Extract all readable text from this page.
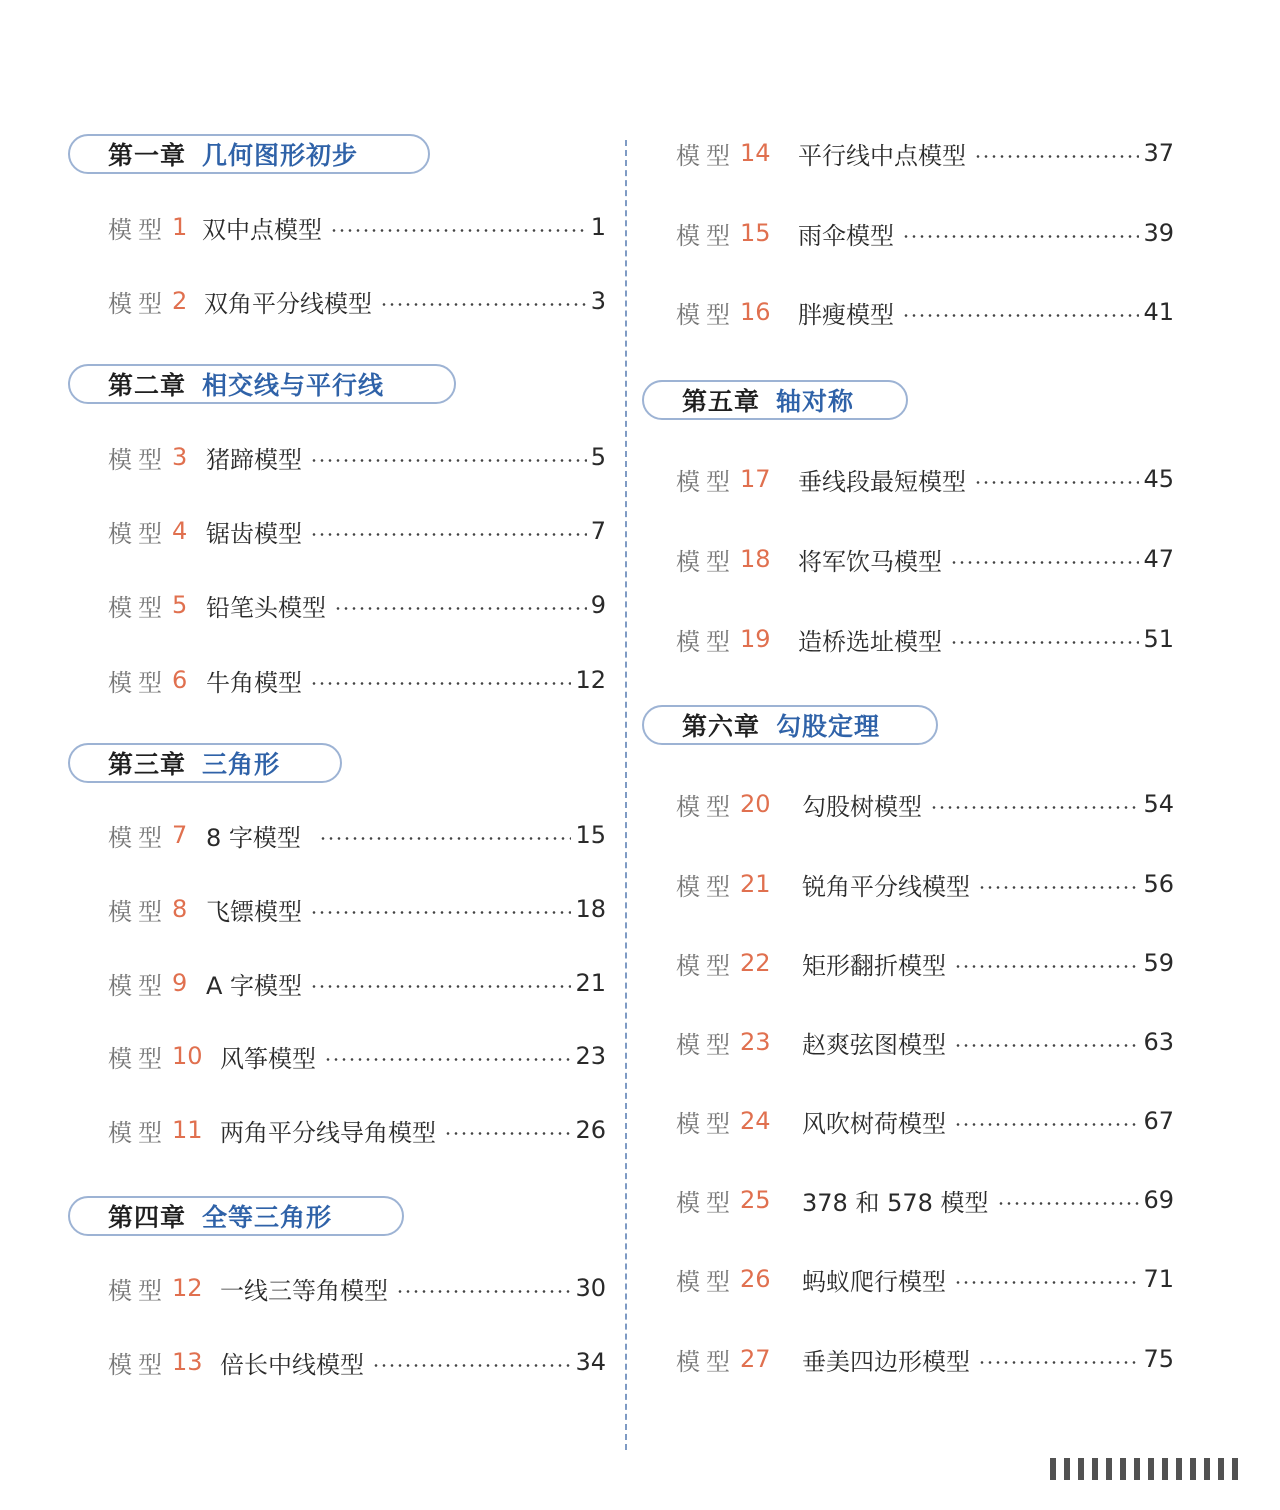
第一章 几何图形初步
模型 1 双中点模型	1
模型 2 双角平分线模型	3
第二章 相交线与平行线
模型 3 猪蹄模型	5
模型 4 锯齿模型	7
模型 5 铅笔头模型	9
模型 6 牛角模型	12
第三章 三角形
模型 7 8 字模型	15
模型 8 飞镖模型	18
模型 9 A 字模型	21
模型 10 风筝模型	23
模型 11 两角平分线导角模型	26
第四章 全等三角形
模型 12 一线三等角模型	30
模型 13 倍长中线模型	34
模型 14	平行线中点模型	37
模型 15	雨伞模型	39
模型 16	胖瘦模型	41
第五章 轴对称
模型 17	垂线段最短模型	45
模型 18	将军饮马模型	47
模型 19	造桥选址模型	51
第六章 勾股定理
模型 20	勾股树模型	54
模型 21	锐角平分线模型	56
模型 22	矩形翻折模型	59
模型 23	赵爽弦图模型	63
模型 24	风吹树荷模型	67
模型 25	378 和 578 模型	69
模型 26	蚂蚁爬行模型	71
模型 27	垂美四边形模型	75
